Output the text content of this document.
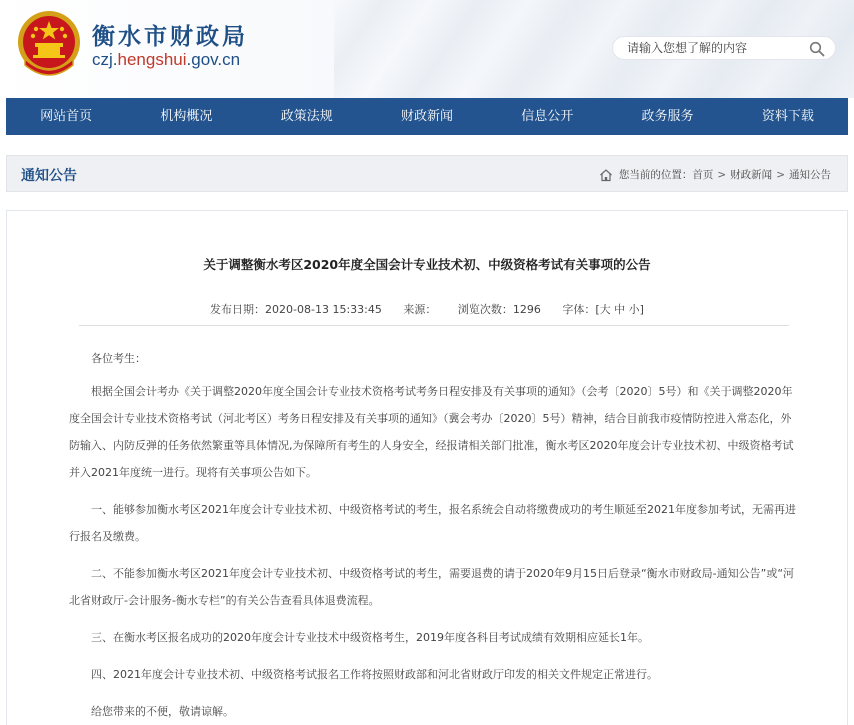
衡水市财政局
czj.hengshui.gov.cn
请输入您想了解的内容
网站首页	机构概况	政策法规	财政新闻	信息公开	政务服务	资料下载
通知公告	您当前的位置： 首页 > 财政新闻 > 通知公告
关于调整衡水考区2020年度全国会计专业技术初、中级资格考试有关事项的公告
发布日期：2020-08-13 15:33:45 来源： 浏览次数：1296 字体：[大 中 小]

各位考生：

根据全国会计考办《关于调整2020年度全国会计专业技术资格考试考务日程安排及有关事项的通知》（会考〔2020〕5号）和《关于调整2020年度全国会计专业技术资格考试（河北考区）考务日程安排及有关事项的通知》（冀会考办〔2020〕5号）精神，结合目前我市疫情防控进入常态化，外防输入、内防反弹的任务依然繁重等具体情况,为保障所有考生的人身安全，经报请相关部门批准，衡水考区2020年度会计专业技术初、中级资格考试并入2021年度统一进行。现将有关事项公告如下。

一、能够参加衡水考区2021年度会计专业技术初、中级资格考试的考生，报名系统会自动将缴费成功的考生顺延至2021年度参加考试，无需再进行报名及缴费。

二、不能参加衡水考区2021年度会计专业技术初、中级资格考试的考生，需要退费的请于2020年9月15日后登录“衡水市财政局-通知公告”或“河北省财政厅-会计服务-衡水专栏”的有关公告查看具体退费流程。

三、在衡水考区报名成功的2020年度会计专业技术中级资格考生，2019年度各科目考试成绩有效期相应延长1年。

四、2021年度会计专业技术初、中级资格考试报名工作将按照财政部和河北省财政厅印发的相关文件规定正常进行。

给您带来的不便，敬请谅解。
